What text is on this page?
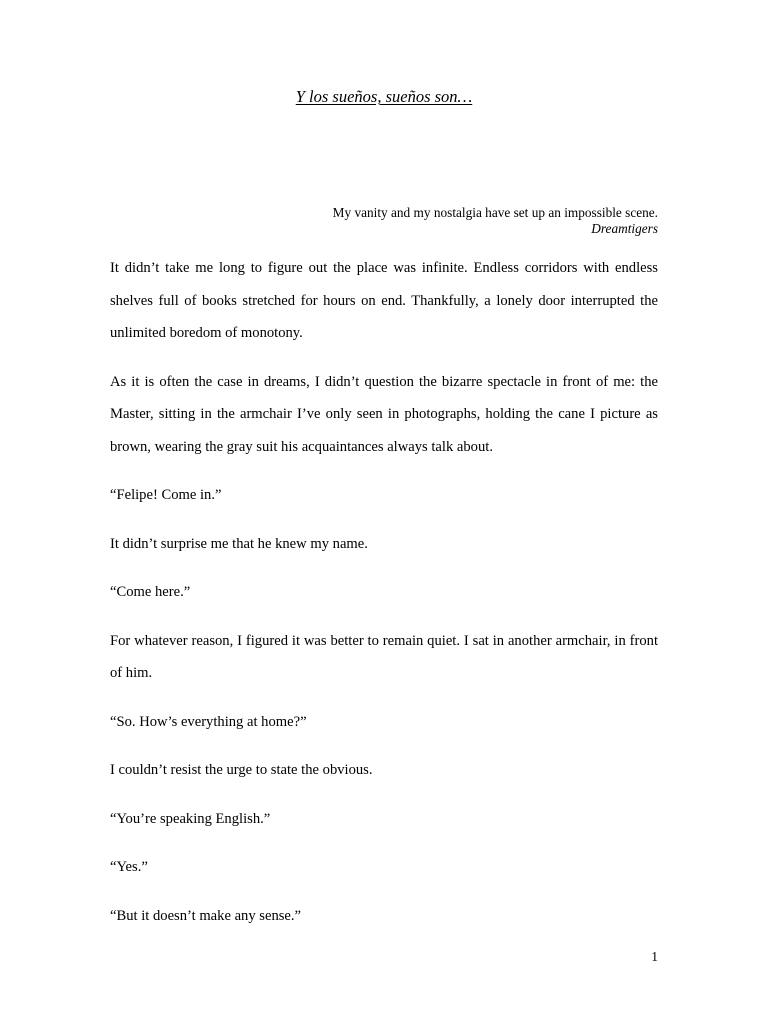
Y los sueños, sueños son…
My vanity and my nostalgia have set up an impossible scene.
Dreamtigers

It didn’t take me long to figure out the place was infinite. Endless corridors with endless shelves full of books stretched for hours on end. Thankfully, a lonely door interrupted the unlimited boredom of monotony.

As it is often the case in dreams, I didn’t question the bizarre spectacle in front of me: the Master, sitting in the armchair I’ve only seen in photographs, holding the cane I picture as brown, wearing the gray suit his acquaintances always talk about.

“Felipe! Come in.”

It didn’t surprise me that he knew my name.

“Come here.”

For whatever reason, I figured it was better to remain quiet. I sat in another armchair, in front of him.

“So. How’s everything at home?”

I couldn’t resist the urge to state the obvious.

“You’re speaking English.”

“Yes.”

“But it doesn’t make any sense.”

1
